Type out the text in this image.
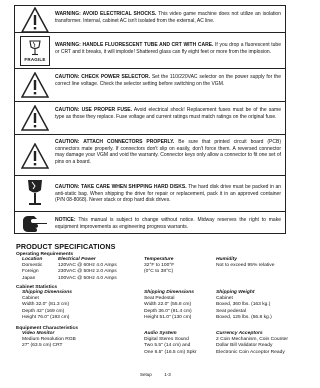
WARNING: AVOID ELECTRICAL SHOCKS. This video game machine does not utilize an isolation transformer. Internal, cabinet AC isn't isolated from the external, AC line.
FRAGILE
WARNING: HANDLE FLUORESCENT TUBE AND CRT WITH CARE. If you drop a fluorescent tube or CRT and it breaks, it will implode! Shattered glass can fly eight feet or more from the implosion.
CAUTION: CHECK POWER SELECTOR. Set the 110/220VAC selector on the power supply for the correct line voltage. Check the selector setting before switching on the VGM.
CAUTION: USE PROPER FUSE. Avoid electrical shock! Replacement fuses must be of the same type as those they replace. Fuse voltage and current ratings must match ratings on the original fuse.
CAUTION: ATTACH CONNECTORS PROPERLY. Be sure that printed circuit board (PCB) connectors mate properly. If connectors don't slip on easily, don't force them. A reversed connector may damage your VGM and void the warranty. Connector keys only allow a connector to fit one set of pins on a board.
CAUTION: TAKE CARE WHEN SHIPPING HARD DISKS. The hard disk drive must be packed in an anti-static bag. When shipping the drive for repair or replacement, pack it in an approved container (P/N 08-8068). Never stack or drop hard disk drives.
NOTICE: This manual is subject to change without notice. Midway reserves the right to make equipment improvements as engineering progress warrants.
PRODUCT SPECIFICATIONS
Operating Requirements
Location
Domestic
Foreign
Japan
Electrical Power
120VAC @ 60Hz 4.0 Amps
230VAC @ 50Hz 2.0 Amps
100VAC @ 50Hz 4.0 Amps
Temperature
32°F to 100°F
(0°C to 38°C)
Humidity
Not to exceed 95% relative
Cabinet Statistics
Shipping Dimensions
Cabinet
Width 32.0" (81.3 cm)
Depth 42" (169 cm)
Height 76.0" (193 cm)
Shipping Dimensions
Seat Pedestal
Width 22.0" (55.8 cm)
Depth 36.0" (91.4 cm)
Height 51.0" (130 cm)
Shipping Weight
Cabinet
Boxed, 360 lbs. (163 kg.)
Seat pedestal
Boxed, 125 lbs. (56.8 kg.)
Equipment Characteristics
Video Monitor
Medium Resolution RGB
27" (63.5 cm) CRT
Audio System
Digital Stereo Sound
Two 5.5" (14 cm) and
One 6.5" (16.5 cm) Spkr
Currency Acceptors
2 Coin Mechanism, Coin Counter
Dollar Bill Validator Ready
Electronic Coin Acceptor Ready
Setup	1-3
